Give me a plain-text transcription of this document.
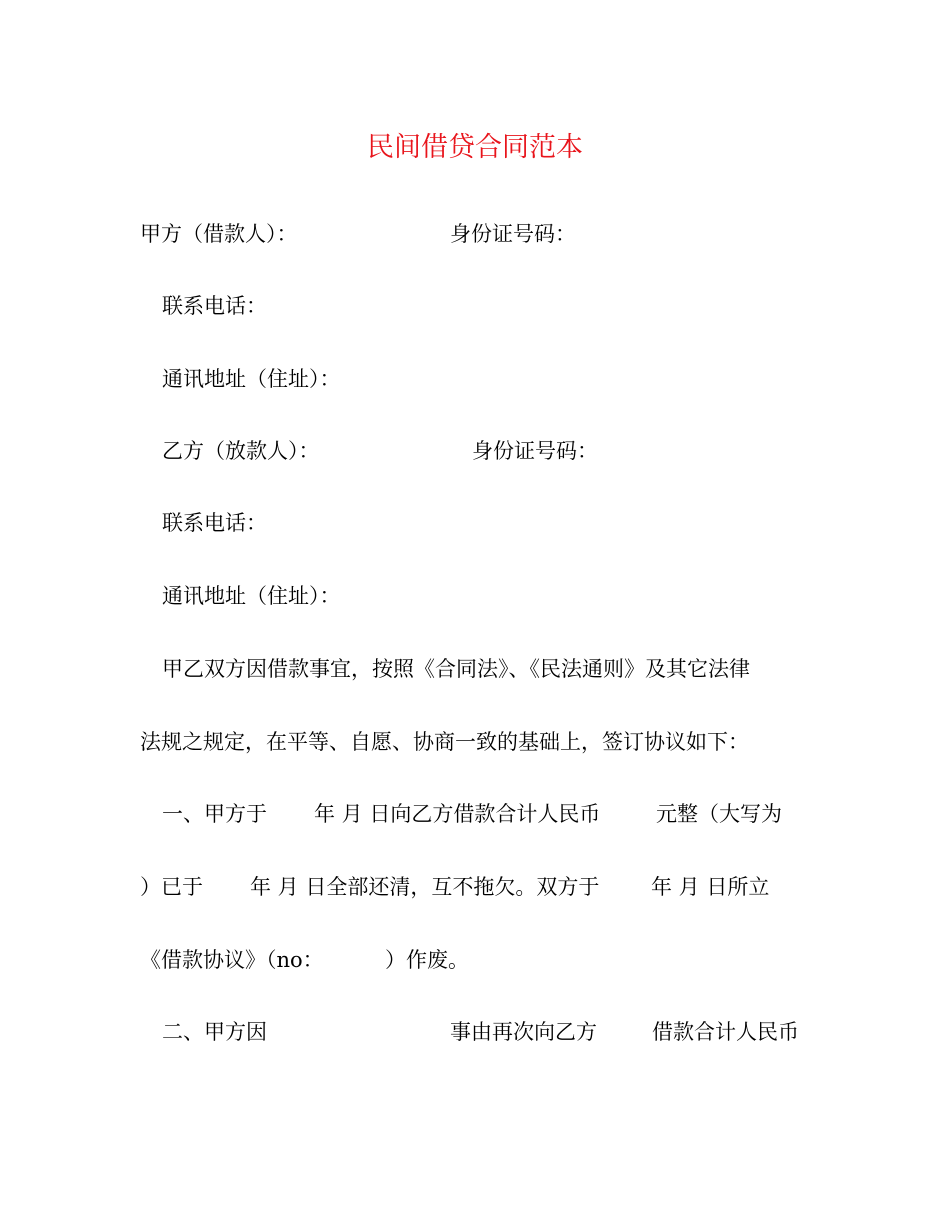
民间借贷合同范本
甲方（借款人）：	身份证号码：
联系电话：
通讯地址（住址）：
乙方（放款人）：	身份证号码：
联系电话：
通讯地址（住址）：
甲乙双方因借款事宜，按照《合同法》、《民法通则》及其它法律
法规之规定，在平等、自愿、协商一致的基础上，签订协议如下：
一、甲方于 年 月 日向乙方借款合计人民币	元整（大写为
）已于 年 月 日全部还清，互不拖欠。双方于 年 月 日所立
《借款协议》（no：	）作废。
二、甲方因	事由再次向乙方	借款合计人民币
